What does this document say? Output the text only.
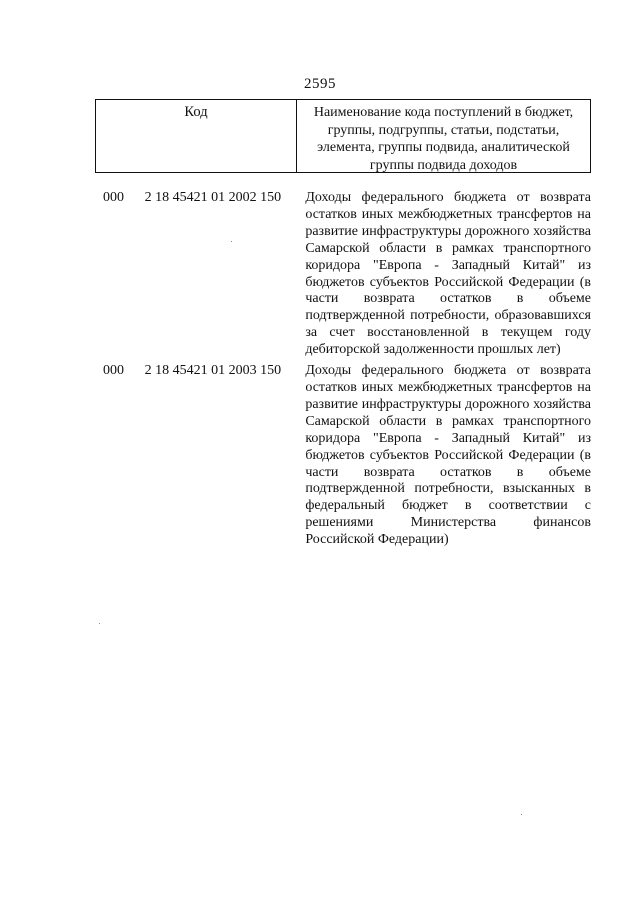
2595
Код	Наименование кода поступлений в бюджет, группы, подгруппы, статьи, подстатьи, элемента, группы подвида, аналитической группы подвида доходов
000	2 18 45421 01 2002 150	Доходы федерального бюджета от возврата остатков иных межбюджетных трансфертов на развитие инфраструктуры дорожного хозяйства Самарской области в рамках транспортного коридора "Европа - Западный Китай" из бюджетов субъектов Российской Федерации (в части возврата остатков в объеме подтвержденной потребности, образовавшихся за счет восстановленной в текущем году дебиторской задолженности прошлых лет)
000	2 18 45421 01 2003 150	Доходы федерального бюджета от возврата остатков иных межбюджетных трансфертов на развитие инфраструктуры дорожного хозяйства Самарской области в рамках транспортного коридора "Европа - Западный Китай" из бюджетов субъектов Российской Федерации (в части возврата остатков в объеме подтвержденной потребности, взысканных в федеральный бюджет в соответствии с решениями Министерства финансов Российской Федерации)
